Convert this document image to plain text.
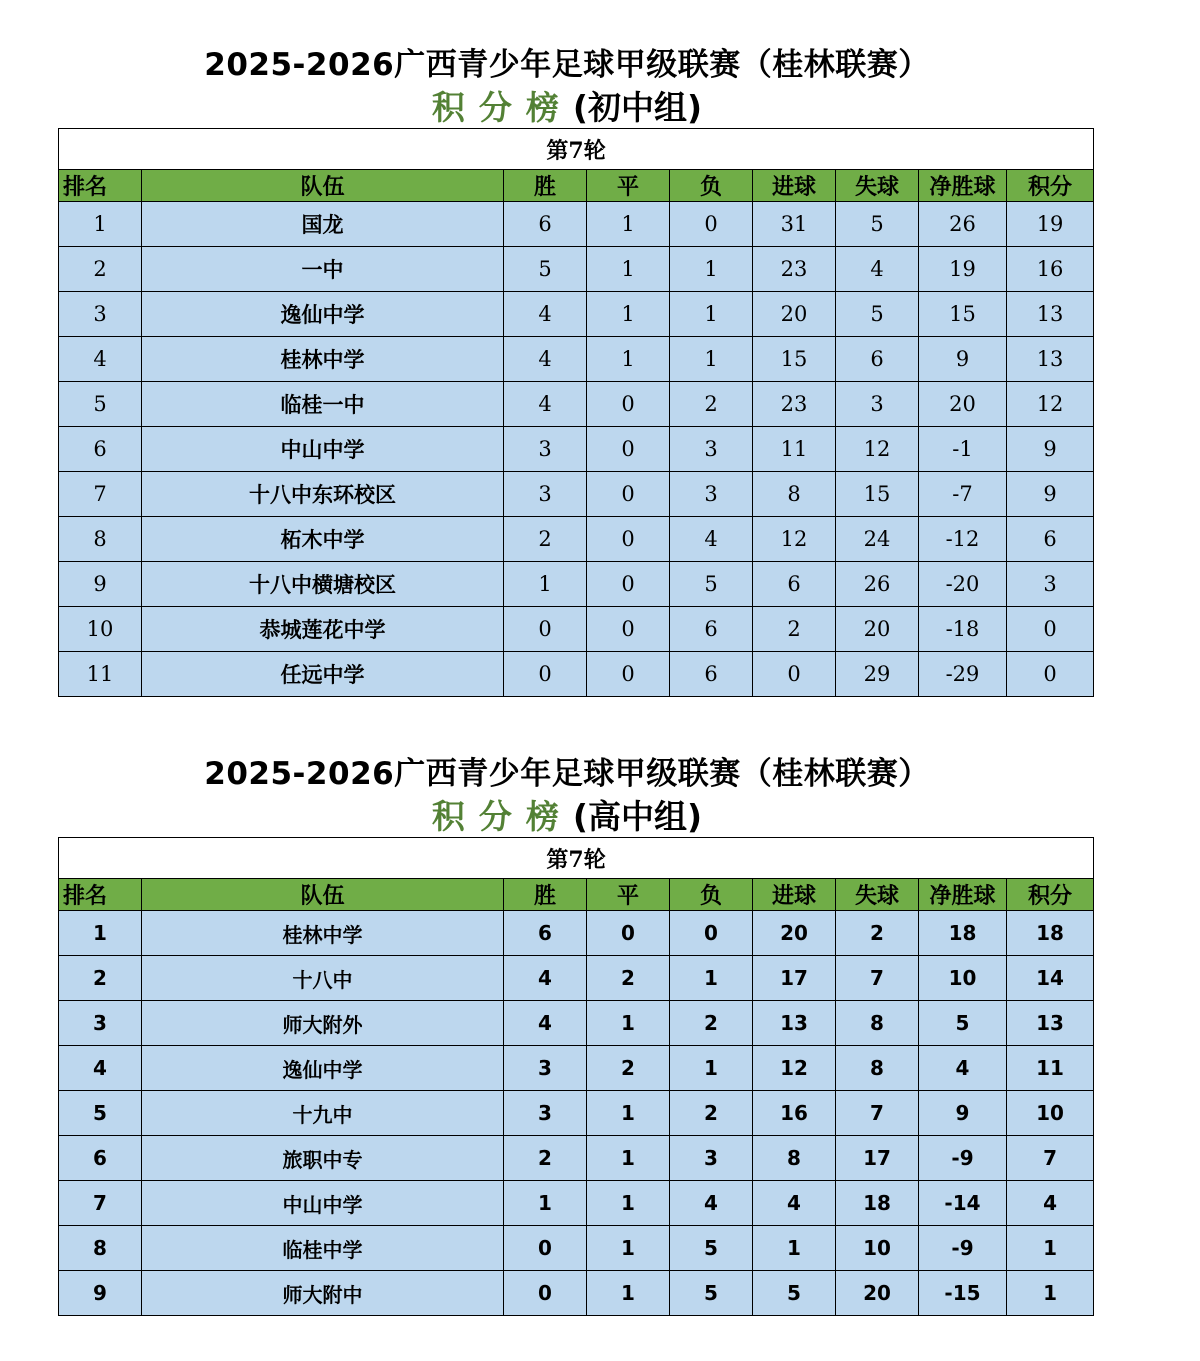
2025-2026广西青少年足球甲级联赛（桂林联赛）
积分榜(初中组)
第7轮								
排名	队伍	胜	平	负	进球	失球	净胜球	积分
1	国龙	6	1	0	31	5	26	19
2	一中	5	1	1	23	4	19	16
3	逸仙中学	4	1	1	20	5	15	13
4	桂林中学	4	1	1	15	6	9	13
5	临桂一中	4	0	2	23	3	20	12
6	中山中学	3	0	3	11	12	-1	9
7	十八中东环校区	3	0	3	8	15	-7	9
8	柘木中学	2	0	4	12	24	-12	6
9	十八中横塘校区	1	0	5	6	26	-20	3
10	恭城莲花中学	0	0	6	2	20	-18	0
11	任远中学	0	0	6	0	29	-29	0
2025-2026广西青少年足球甲级联赛（桂林联赛）
积分榜(高中组)
第7轮								
排名	队伍	胜	平	负	进球	失球	净胜球	积分
1	桂林中学	6	0	0	20	2	18	18
2	十八中	4	2	1	17	7	10	14
3	师大附外	4	1	2	13	8	5	13
4	逸仙中学	3	2	1	12	8	4	11
5	十九中	3	1	2	16	7	9	10
6	旅职中专	2	1	3	8	17	-9	7
7	中山中学	1	1	4	4	18	-14	4
8	临桂中学	0	1	5	1	10	-9	1
9	师大附中	0	1	5	5	20	-15	1
